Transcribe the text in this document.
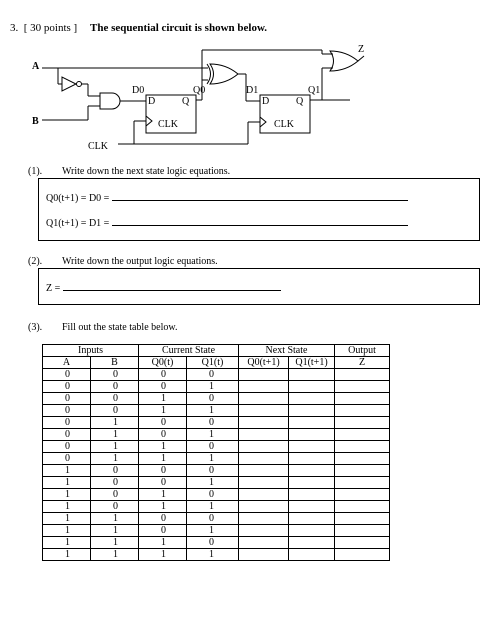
3. [ 30 points ] The sequential circuit is shown below.
A
B
CLK
D0
D	Q
CLK
Q0	D1
D	Q
CLK
Q1
Z
(1). Write down the next state logic equations.
Q0(t+1) = D0 =
Q1(t+1) = D1 =
(2). Write down the output logic equations.
Z =
(3). Fill out the state table below.
Inputs		Current State		Next State		Output
A	B	Q0(t)	Q1(t)	Q0(t+1)	Q1(t+1)	Z
0	0	0	0			
0	0	0	1			
0	0	1	0			
0	0	1	1			
0	1	0	0			
0	1	0	1			
0	1	1	0			
0	1	1	1			
1	0	0	0			
1	0	0	1			
1	0	1	0			
1	0	1	1			
1	1	0	0			
1	1	0	1			
1	1	1	0			
1	1	1	1			
